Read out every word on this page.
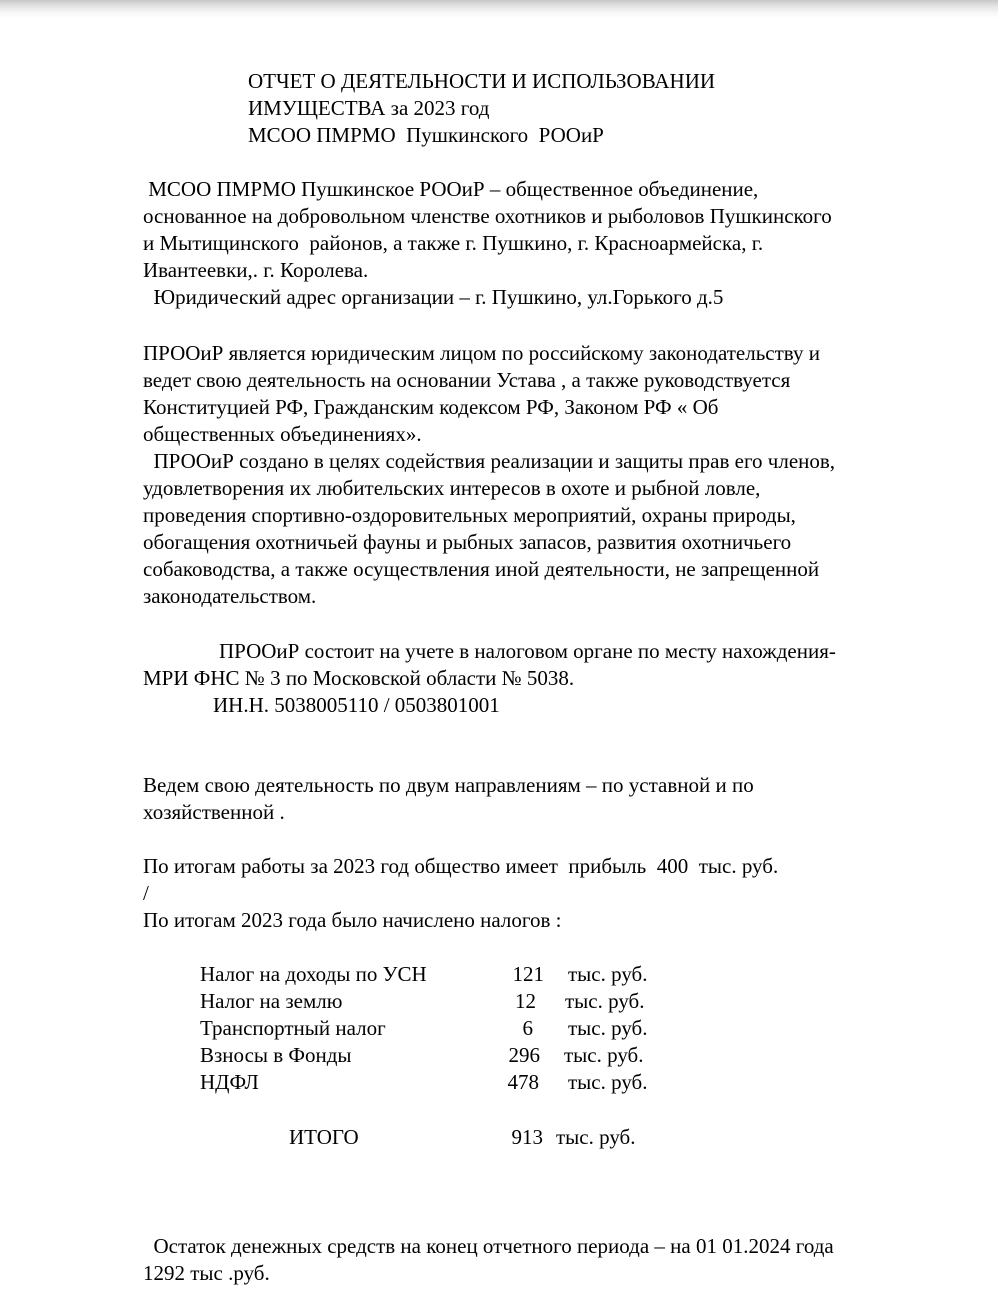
ОТЧЕТ О ДЕЯТЕЛЬНОСТИ И ИСПОЛЬЗОВАНИИ

ИМУЩЕСТВА за 2023 год

МСОО ПМРМО  Пушкинского  РООиР

МСОО ПМРМО Пушкинское РООиР – общественное объединение,

основанное на добровольном членстве охотников и рыболовов Пушкинского

и Мытищинского  районов, а также г. Пушкино, г. Красноармейска, г.

Ивантеевки,. г. Королева.

Юридический адрес организации – г. Пушкино, ул.Горького д.5

ПРООиР является юридическим лицом по российскому законодательству и

ведет свою деятельность на основании Устава , а также руководствуется

Конституцией РФ, Гражданским кодексом РФ, Законом РФ « Об

общественных объединениях».

ПРООиР создано в целях содействия реализации и защиты прав его членов,

удовлетворения их любительских интересов в охоте и рыбной ловле,

проведения спортивно-оздоровительных мероприятий, охраны природы,

обогащения охотничьей фауны и рыбных запасов, развития охотничьего

собаководства, а также осуществления иной деятельности, не запрещенной

законодательством.

ПРООиР состоит на учете в налоговом органе по месту нахождения-

МРИ ФНС № 3 по Московской области № 5038.

ИН.Н. 5038005110 / 0503801001

Ведем свою деятельность по двум направлениям – по уставной и по

хозяйственной .

По итогам работы за 2023 год общество имеет  прибыль  400  тыс. руб.

/

По итогам 2023 года было начислено налогов :

Налог на доходы по УСН	121 тыс. руб.
Налог на землю	12 тыс. руб.
Транспортный налог	6 тыс. руб.
Взносы в Фонды	296 тыс. руб.
НДФЛ	478 тыс. руб.
ИТОГО	913 тыс. руб.

Остаток денежных средств на конец отчетного периода – на 01 01.2024 года

1292 тыс .руб.
